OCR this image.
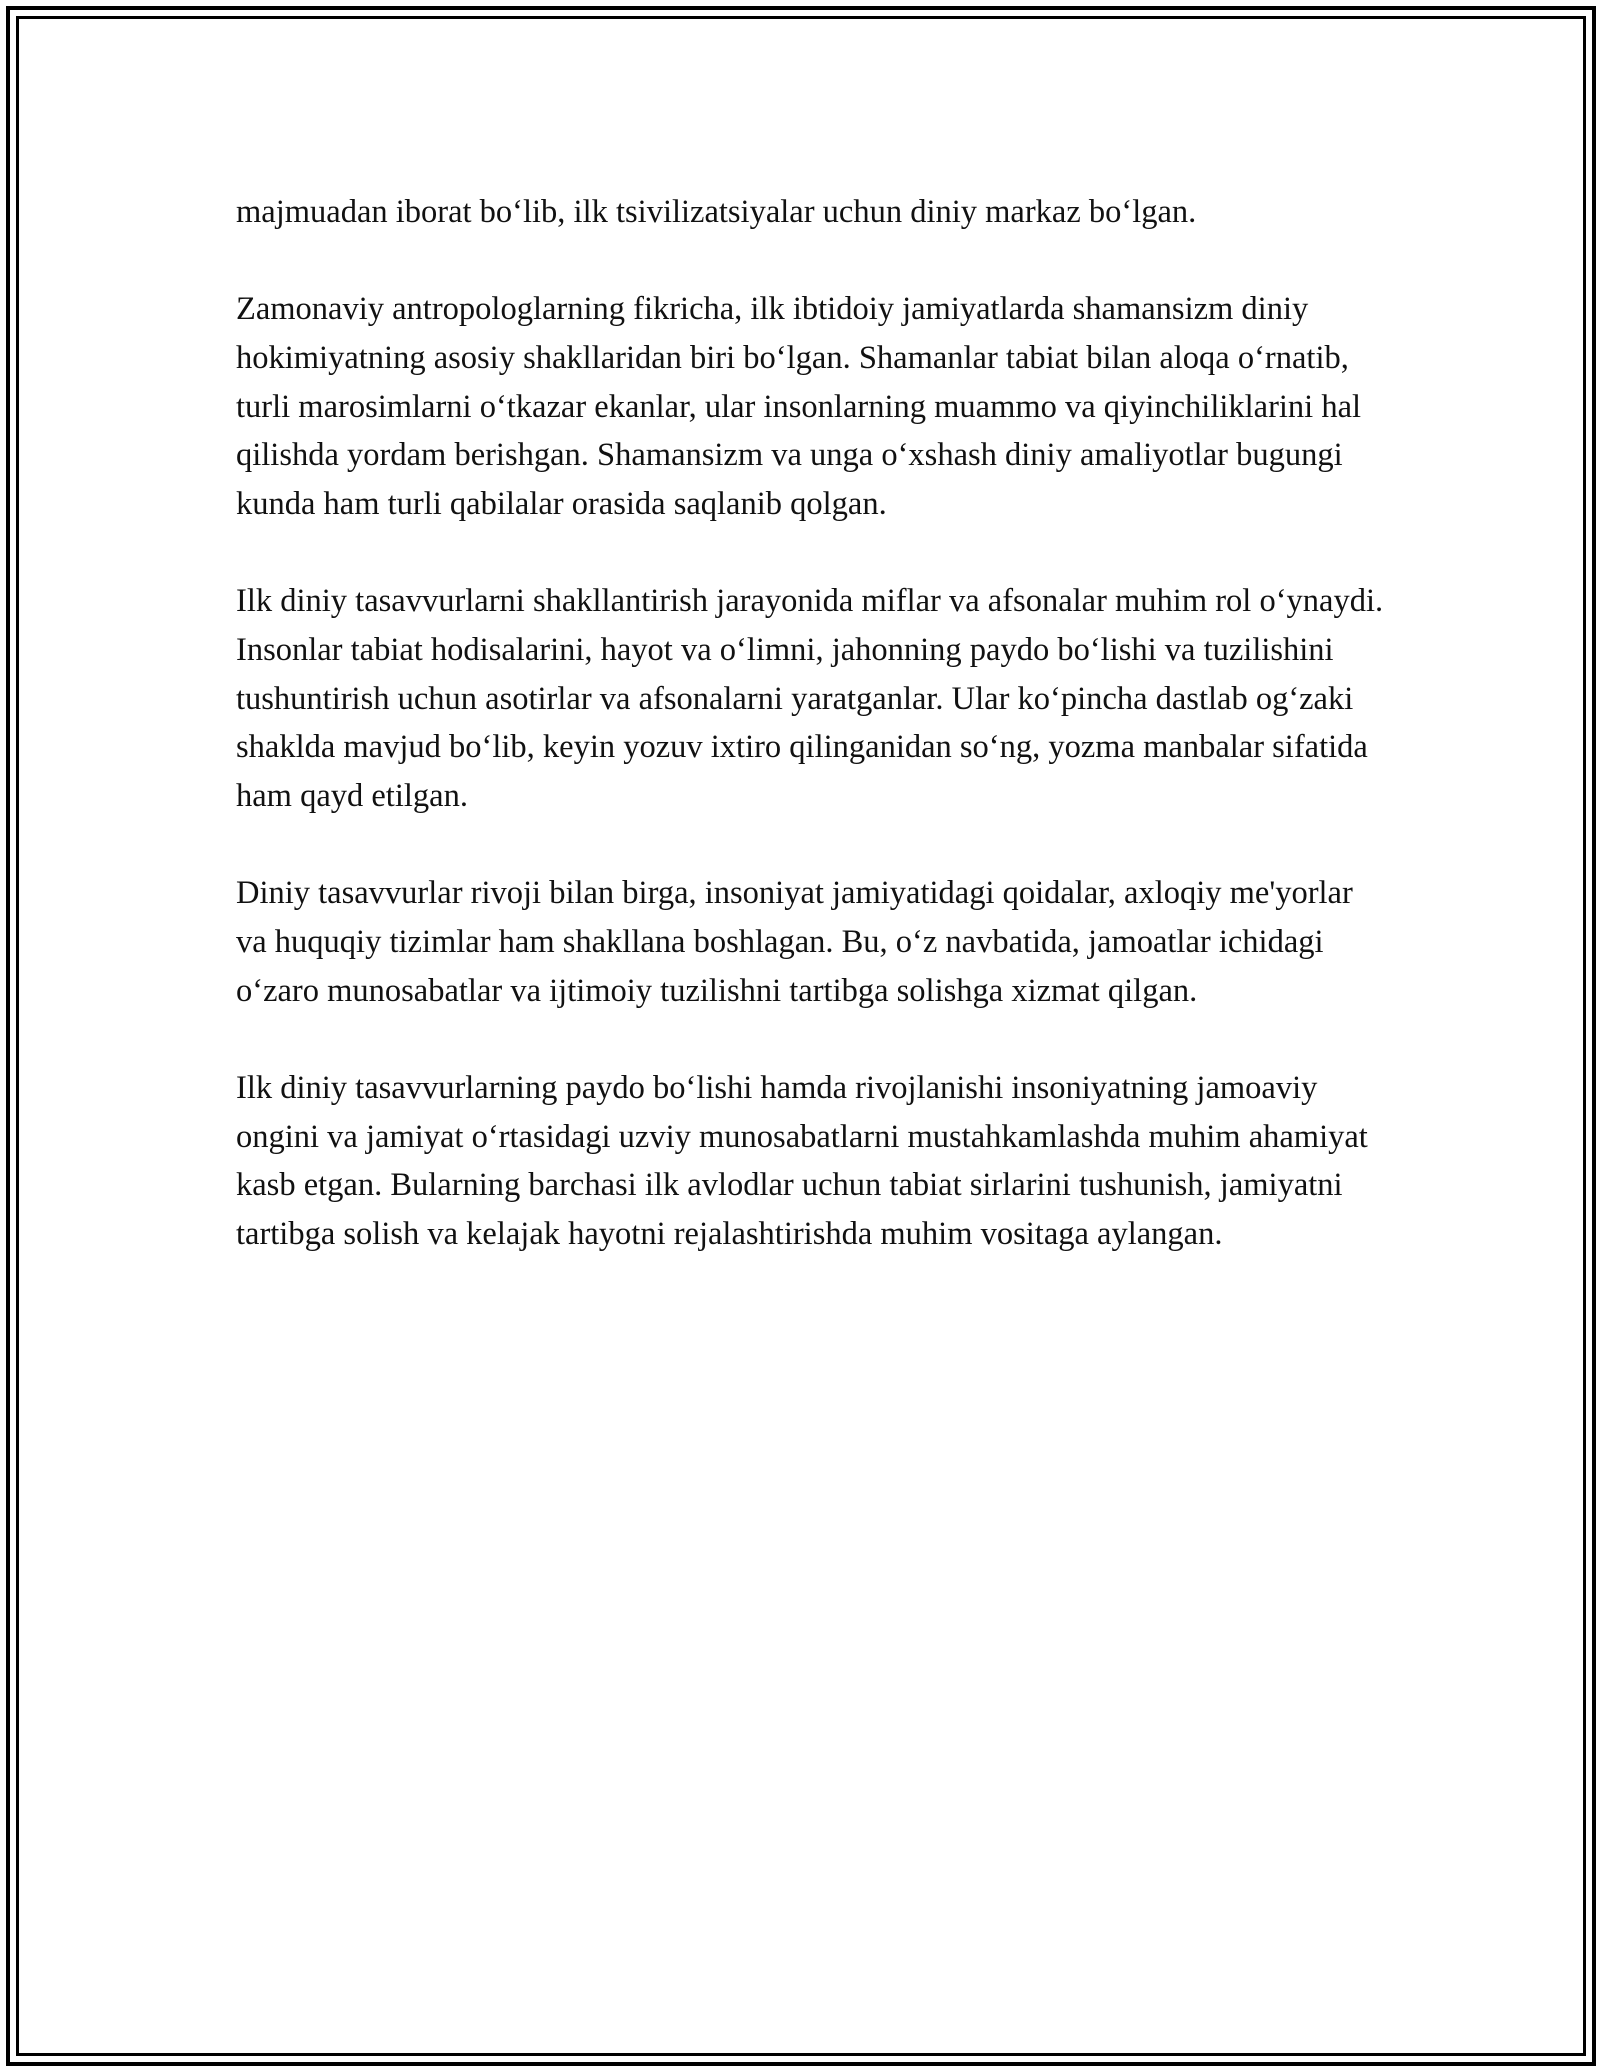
majmuadan iborat bo‘lib, ilk tsivilizatsiyalar uchun diniy markaz bo‘lgan.

Zamonaviy antropologlarning fikricha, ilk ibtidoiy jamiyatlarda shamansizm diniy hokimiyatning asosiy shakllaridan biri bo‘lgan. Shamanlar tabiat bilan aloqa o‘rnatib, turli marosimlarni o‘tkazar ekanlar, ular insonlarning muammo va qiyinchiliklarini hal qilishda yordam berishgan. Shamansizm va unga o‘xshash diniy amaliyotlar bugungi kunda ham turli qabilalar orasida saqlanib qolgan.

Ilk diniy tasavvurlarni shakllantirish jarayonida miflar va afsonalar muhim rol o‘ynaydi. Insonlar tabiat hodisalarini, hayot va o‘limni, jahonning paydo bo‘lishi va tuzilishini tushuntirish uchun asotirlar va afsonalarni yaratganlar. Ular ko‘pincha dastlab og‘zaki shaklda mavjud bo‘lib, keyin yozuv ixtiro qilinganidan so‘ng, yozma manbalar sifatida ham qayd etilgan.

Diniy tasavvurlar rivoji bilan birga, insoniyat jamiyatidagi qoidalar, axloqiy me'yorlar va huquqiy tizimlar ham shakllana boshlagan. Bu, o‘z navbatida, jamoatlar ichidagi o‘zaro munosabatlar va ijtimoiy tuzilishni tartibga solishga xizmat qilgan.

Ilk diniy tasavvurlarning paydo bo‘lishi hamda rivojlanishi insoniyatning jamoaviy ongini va jamiyat o‘rtasidagi uzviy munosabatlarni mustahkamlashda muhim ahamiyat kasb etgan. Bularning barchasi ilk avlodlar uchun tabiat sirlarini tushunish, jamiyatni tartibga solish va kelajak hayotni rejalashtirishda muhim vositaga aylangan.
